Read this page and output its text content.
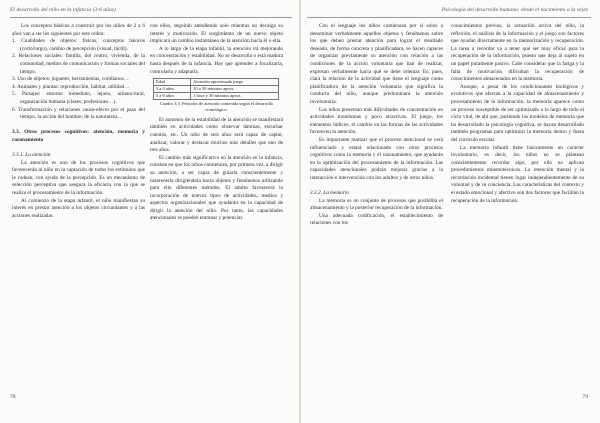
El desarrollo del niño en la infancia (3-6 años)

Los conceptos básicos a construir por los niños de 2 a 6 años van a ser los siguientes por este orden:

1. Cualidades de objetos: físicos, conceptos básicos (corto/largo), cambio de percepción (visual, táctil).
2. Relaciones sociales: familia, del centro, vivienda, de la comunidad, medios de comunicación y formas sociales del tiempo.
3. Uso de objetos: juguetes, herramientas, cotidianos…
4. Animales y plantas: reproducción, hábitat, utilidad…
5. Paisajes: entorno inmediato, lejano, urbano/rural, organización humana (clases, profesiones…).
6. Transformación y relaciones causa-efecto por el paso del tiempo, la acción del hombre, de la naturaleza…

3.3. Otros procesos cognitivos: atención, memoria y razonamiento

3.3.1. La atención

La atención es uno de los procesos cognitivos que favorecerán al niño en la captación de todos los estímulos que le rodean, con ayuda de la percepción. Es un mecanismo de selección perceptiva que asegura la eficacia con la que se realiza el procesamiento de la información.

Al comienzo de la etapa infantil, el niño manifiestan su interés en prestar atención a los objetos circundantes y a las acciones realizadas

con ellos, seguirán atendiendo solo mientras no decaiga su interés y motivación. El surgimiento de un nuevo objeto implicará un cambio instantáneo de la atención hacia él o ella.

A lo largo de la etapa infantil, la atención irá mejorando en concentración y estabilidad. No se desarrolla o está madura hasta después de la infancia. Hay que aprender a focalizarla, controlarla y adaptarla.

Edad	Atención aproximada juego
3 a 4 años	10 a 50 minutos aprox.
5 a 6 años	1 hora y 30 minutos aprox.

Cuadro 3.3. Periodos de atención contenida según el desarrollo cronológico.

El aumento de la estabilidad de la atención se manifestará también en actividades como observar láminas, escuchar cuentos, etc. Un niño de seis años será capaz de captar, analizar, valorar y destacar muchos más detalles que uno de tres años.

El cambio más significativo en la atención en la infancia, consiste en que los niños comienzan, por primera vez, a dirigir su atención, a ser capaz de guiarla conscientemente y mantenerla dirigiéndola hacia objetos y fenómenos utilizando para ello diferentes métodos. El adulto favorecerá la incorporación de nuevos tipos de actividades, medios y aspectos organizacionales que ayudarán en la capacidad de dirigir la atención del niño. Por tanto, las capacidades atencionales se pueden entrenar y potenciar.

78
Psicología del desarrollo humano: desde el nacimiento a la vejez

Con el lenguaje los niños comienzan por sí solos a denominar verbalmente aquellos objetos y fenómenos sobre los que deben prestar atención para lograr el resultado deseado, de forma concreta y planificadora, se hacen capaces de organizar previamente su atención con relación a las condiciones de la acción voluntaria que han de realizar, expresan verbalmente hacia qué se debe orientar. Es, pues, clara la relación de la actividad que tiene el lenguaje como planificadora de la atención voluntaria que significa la conducta del niño, aunque predominará la atención involuntaria.

Los niños presentan más dificultades de concentración en actividades monótonas y poco atractivas. El juego, los elementos lúdicos, el cambio en las formas de las actividades favorecen la atención.

Es importante matizar que el proceso atencional se verá influenciado y estará relacionado con otros procesos cognitivos como la memoria y el razonamiento, que ayudarán en la optimización del procesamiento de la información. Las capacidades atencionales podrán mejorar gracias a la interacción e intervención con los adultos y de otros niños.

3.3.2. La memoria

La memoria es un conjunto de procesos que posibilita el almacenamiento y la posterior recuperación de la información.

Una adecuada codificación, el establecimiento de relaciones con los

conocimientos previos, la actuación activa del niño, la reflexión, el análisis de la información y el juego son factores que ayudan directamente en la memorización y recuperación. La tarea a recordar va a tener que ser muy eficaz para la recuperación de la información, puesto que deja al sujeto en un papel puramente pasivo. Cabe considerar que la fatiga y la falta de motivación dificultan la recuperación de conocimientos almacenados en la memoria.

Aunque, a pesar de los condicionantes biológicos y evolutivos que afectan a la capacidad de almacenamiento y procesamiento de la información, la memoria aparece como un proceso susceptible de ser optimizado a lo largo de todo el ciclo vital, de ahí que, partiendo los modelos de memoria que ha desarrollado la psicología cognitiva, se hayan desarrollado también programas para optimizar la memoria dentro y fuera del currículo escolar.

La memoria infantil tiene básicamente un carácter involuntario, es decir, los niños no se plantean conscientemente recordar algo, por ello no aplican procedimientos mnemotécnicos. La retención mental y la recordación incidental tienen lugar independientemente de su voluntad y de su conciencia. Las características del contexto y el estado emocional y afectivo son dos factores que facilitan la recuperación de la información.

79
